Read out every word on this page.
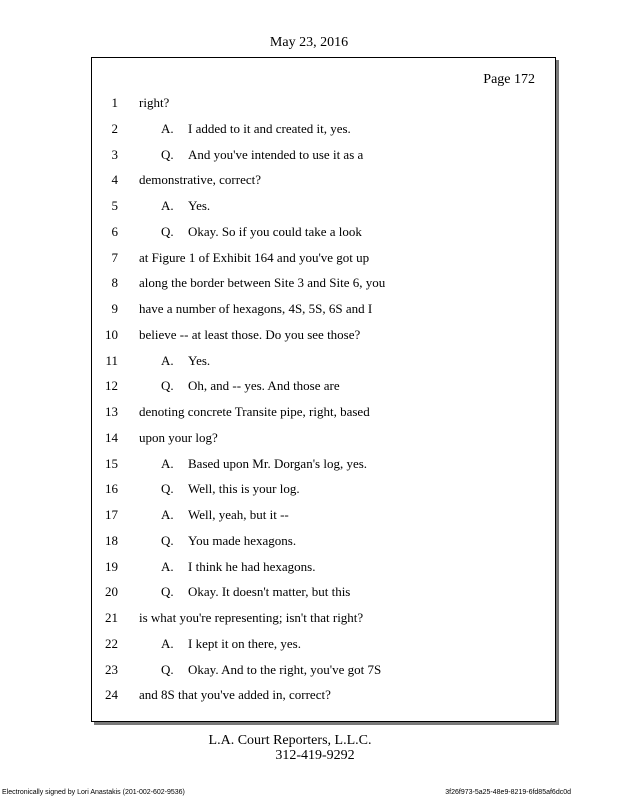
May 23, 2016
Page 172
1 right?
2	A. I added to it and created it, yes.
3	Q. And you've intended to use it as a
4 demonstrative, correct?
5	A. Yes.
6	Q. Okay. So if you could take a look
7 at Figure 1 of Exhibit 164 and you've got up
8 along the border between Site 3 and Site 6, you
9 have a number of hexagons, 4S, 5S, 6S and I
10 believe -- at least those. Do you see those?
11	A. Yes.
12	Q. Oh, and -- yes. And those are
13 denoting concrete Transite pipe, right, based
14 upon your log?
15	A. Based upon Mr. Dorgan's log, yes.
16	Q. Well, this is your log.
17	A. Well, yeah, but it --
18	Q. You made hexagons.
19	A. I think he had hexagons.
20	Q. Okay. It doesn't matter, but this
21 is what you're representing; isn't that right?
22	A. I kept it on there, yes.
23	Q. Okay. And to the right, you've got 7S
24 and 8S that you've added in, correct?
L.A. Court Reporters, L.L.C.
312-419-9292
Electronically signed by Lori Anastakis (201-002-602-9536)	3f26f973-5a25-48e9-8219-6fd85af6dc0d
